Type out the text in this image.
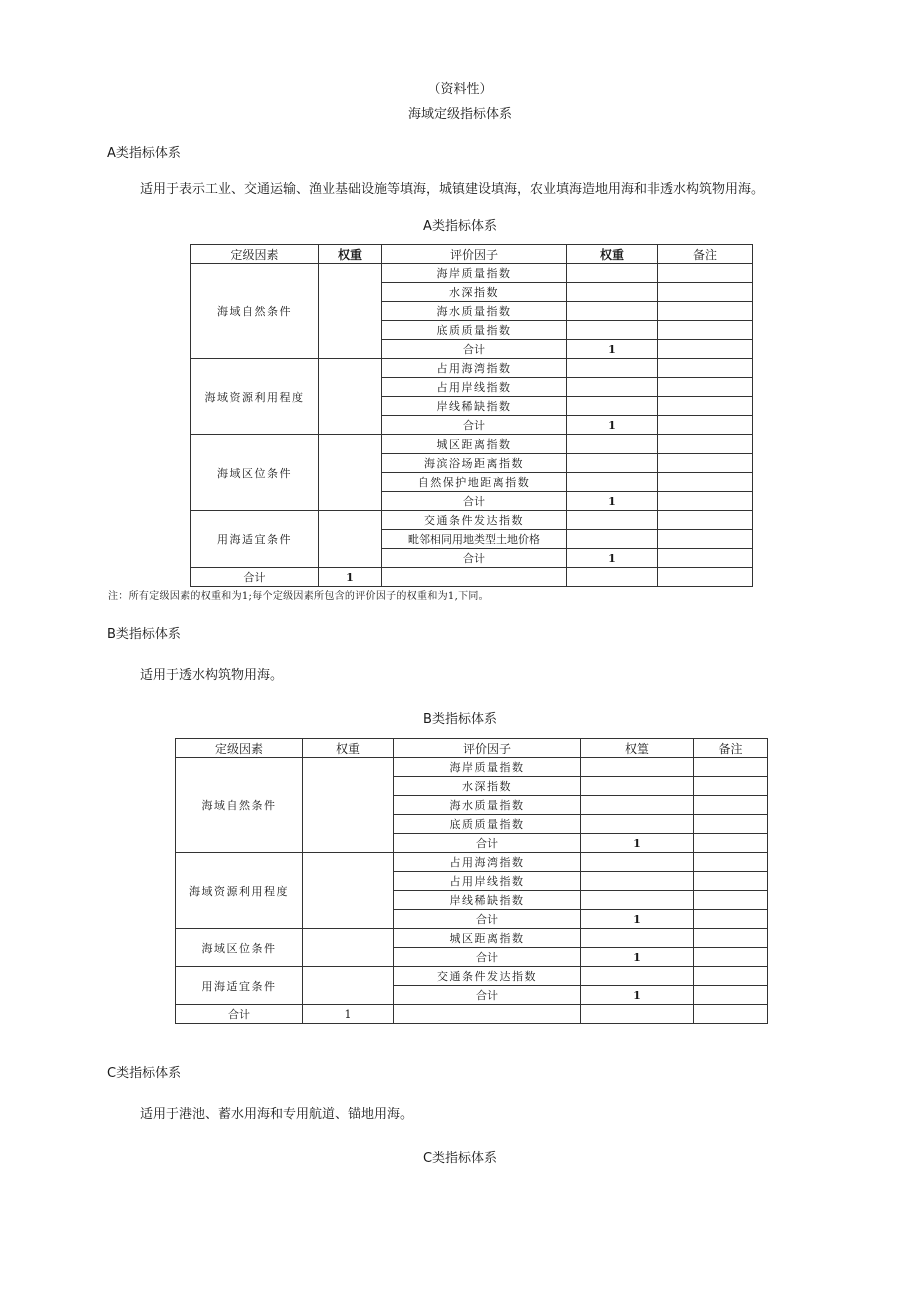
（资料性）
海域定级指标体系
A类指标体系
适用于表示工业、交通运输、渔业基础设施等填海，城镇建设填海，农业填海造地用海和非透水构筑物用海。
A类指标体系
定级因素	权重	评价因子	权重	备注
海域自然条件		海岸质量指数		
		水深指数		
		海水质量指数		
		底质质量指数		
		合计	1	
海域资源利用程度		占用海湾指数		
		占用岸线指数		
		岸线稀缺指数		
		合计	1	
海域区位条件		城区距离指数		
		海滨浴场距离指数		
		自然保护地距离指数		
		合计	1	
用海适宜条件		交通条件发达指数		
		毗邻相同用地类型土地价格		
		合计	1	
合计	1			
注：所有定级因素的权重和为1;每个定级因素所包含的评价因子的权重和为1,下同。
B类指标体系
适用于透水构筑物用海。
B类指标体系
定级因素	权重	评价因子	权篁	备注
海域自然条件		海岸质量指数		
		水深指数		
		海水质量指数		
		底质质量指数		
		合计	1	
海域资源利用程度		占用海湾指数		
		占用岸线指数		
		岸线稀缺指数		
		合计	1	
海域区位条件		城区距离指数		
		合计	1	
用海适宜条件		交通条件发达指数		
		合计	1	
合计	1			
C类指标体系
适用于港池、蓄水用海和专用航道、锚地用海。
C类指标体系
